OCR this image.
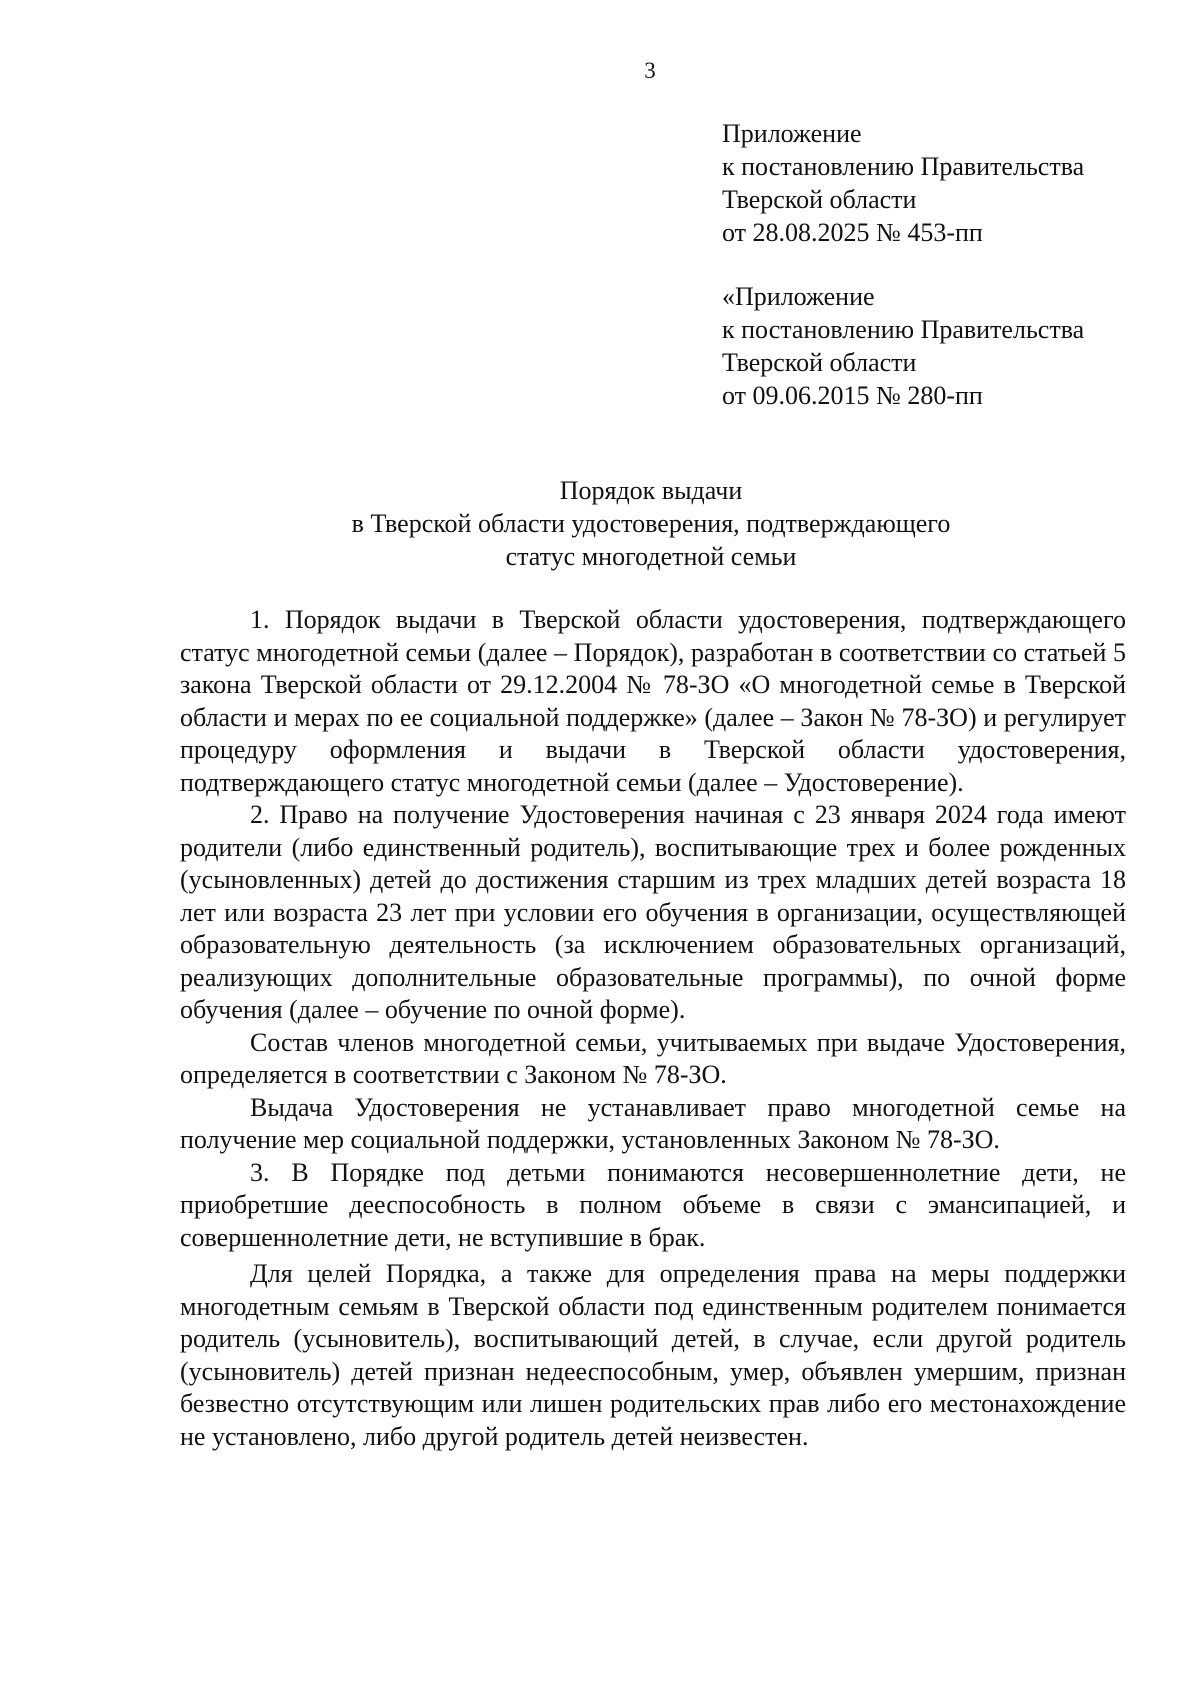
3
Приложение
к постановлению Правительства
Тверской области
от 28.08.2025 № 453-пп
«Приложение
к постановлению Правительства
Тверской области
от 09.06.2015 № 280-пп
Порядок выдачи
в Тверской области удостоверения, подтверждающего
статус многодетной семьи

1. Порядок выдачи в Тверской области удостоверения, подтверждающего статус многодетной семьи (далее – Порядок), разработан в соответствии со статьей 5 закона Тверской области от 29.12.2004 № 78-ЗО «О многодетной семье в Тверской области и мерах по ее социальной поддержке» (далее – Закон № 78-ЗО) и регулирует процедуру оформления и выдачи в Тверской области удостоверения, подтверждающего статус многодетной семьи (далее – Удостоверение).

2. Право на получение Удостоверения начиная с 23 января 2024 года имеют родители (либо единственный родитель), воспитывающие трех и более рожденных (усыновленных) детей до достижения старшим из трех младших детей возраста 18 лет или возраста 23 лет при условии его обучения в организации, осуществляющей образовательную деятельность (за исключением образовательных организаций, реализующих дополнительные образовательные программы), по очной форме обучения (далее – обучение по очной форме).

Состав членов многодетной семьи, учитываемых при выдаче Удостоверения, определяется в соответствии с Законом № 78-ЗО.

Выдача Удостоверения не устанавливает право многодетной семье на получение мер социальной поддержки, установленных Законом № 78-ЗО.

3. В Порядке под детьми понимаются несовершеннолетние дети, не приобретшие дееспособность в полном объеме в связи с эмансипацией, и совершеннолетние дети, не вступившие в брак.

Для целей Порядка, а также для определения права на меры поддержки многодетным семьям в Тверской области под единственным родителем понимается родитель (усыновитель), воспитывающий детей, в случае, если другой родитель (усыновитель) детей признан недееспособным, умер, объявлен умершим, признан безвестно отсутствующим или лишен родительских прав либо его местонахождение не установлено, либо другой родитель детей неизвестен.
